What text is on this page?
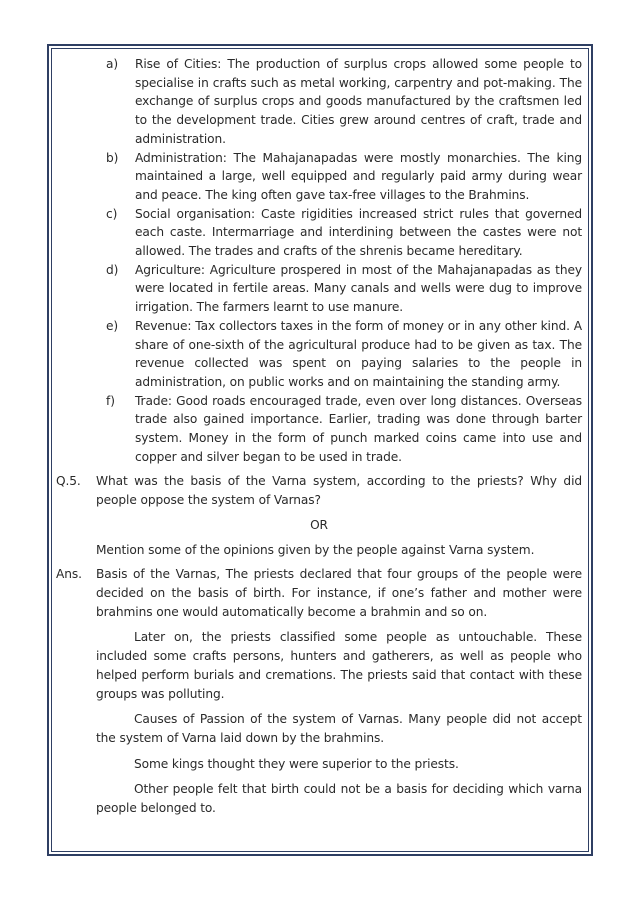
a) Rise of Cities: The production of surplus crops allowed some people to specialise in crafts such as metal working, carpentry and pot-making. The exchange of surplus crops and goods manufactured by the craftsmen led to the development trade. Cities grew around centres of craft, trade and administration.
b) Administration: The Mahajanapadas were mostly monarchies. The king maintained a large, well equipped and regularly paid army during wear and peace. The king often gave tax-free villages to the Brahmins.
c) Social organisation: Caste rigidities increased strict rules that governed each caste. Intermarriage and interdining between the castes were not allowed. The trades and crafts of the shrenis became hereditary.
d) Agriculture: Agriculture prospered in most of the Mahajanapadas as they were located in fertile areas. Many canals and wells were dug to improve irrigation. The farmers learnt to use manure.
e) Revenue: Tax collectors taxes in the form of money or in any other kind. A share of one-sixth of the agricultural produce had to be given as tax. The revenue collected was spent on paying salaries to the people in administration, on public works and on maintaining the standing army.
f) Trade: Good roads encouraged trade, even over long distances. Overseas trade also gained importance. Earlier, trading was done through barter system. Money in the form of punch marked coins came into use and copper and silver began to be used in trade.
Q.5. What was the basis of the Varna system, according to the priests? Why did people oppose the system of Varnas?
OR
Mention some of the opinions given by the people against Varna system.
Ans. Basis of the Varnas, The priests declared that four groups of the people were decided on the basis of birth. For instance, if one’s father and mother were brahmins one would automatically become a brahmin and so on.
Later on, the priests classified some people as untouchable. These included some crafts persons, hunters and gatherers, as well as people who helped perform burials and cremations. The priests said that contact with these groups was polluting.
Causes of Passion of the system of Varnas. Many people did not accept the system of Varna laid down by the brahmins.
Some kings thought they were superior to the priests.
Other people felt that birth could not be a basis for deciding which varna people belonged to.
